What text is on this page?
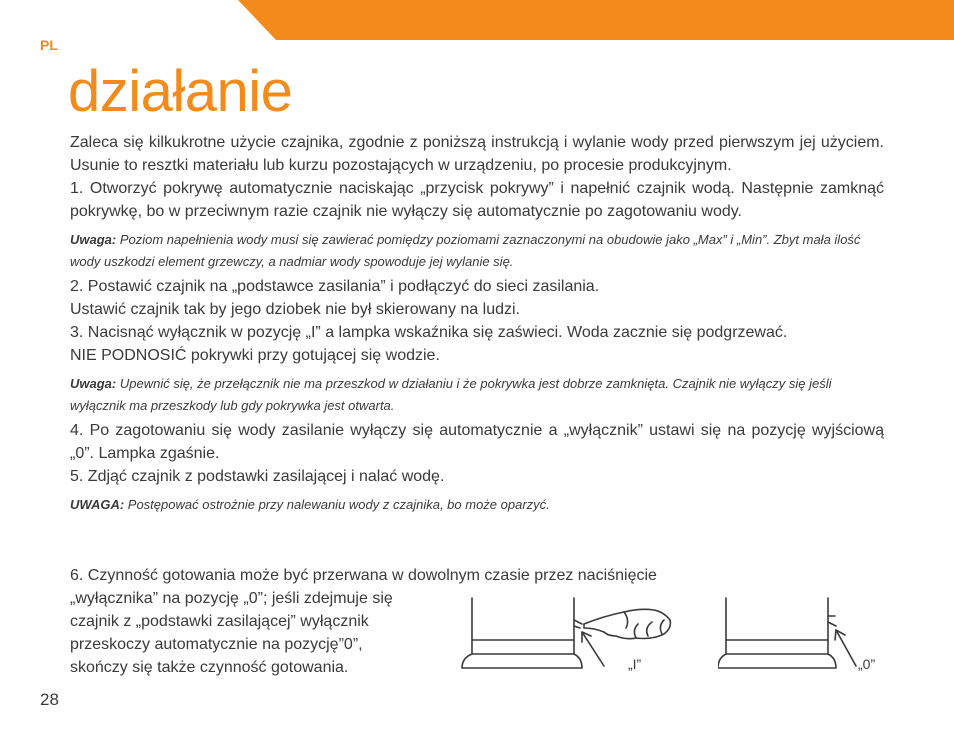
PL
działanie

Zaleca się kilkukrotne użycie czajnika, zgodnie z poniższą instrukcją i wylanie wody przed pierwszym jej użyciem. Usunie to resztki materiału lub kurzu pozostających w urządzeniu, po procesie produkcyjnym.

1. Otworzyć pokrywę automatycznie naciskając „przycisk pokrywy” i napełnić czajnik wodą. Następnie zamknąć pokrywkę, bo w przeciwnym razie czajnik nie wyłączy się automatycznie po zagotowaniu wody.

Uwaga: Poziom napełnienia wody musi się zawierać pomiędzy poziomami zaznaczonymi na obudowie jako „Max” i „Min”. Zbyt mała ilość wody uszkodzi element grzewczy, a nadmiar wody spowoduje jej wylanie się.

2. Postawić czajnik na „podstawce zasilania” i podłączyć do sieci zasilania.

Ustawić czajnik tak by jego dziobek nie był skierowany na ludzi.

3. Nacisnąć wyłącznik w pozycję „I” a lampka wskaźnika się zaświeci. Woda zacznie się podgrzewać.

NIE PODNOSIĆ pokrywki przy gotującej się wodzie.

Uwaga: Upewnić się, że przełącznik nie ma przeszkod w działaniu i że pokrywka jest dobrze zamknięta. Czajnik nie wyłączy się jeśli wyłącznik ma przeszkody lub gdy pokrywka jest otwarta.

4. Po zagotowaniu się wody zasilanie wyłączy się automatycznie a „wyłącznik” ustawi się na pozycję wyjściową „0”. Lampka zgaśnie.

5. Zdjąć czajnik z podstawki zasilającej i nalać wodę.

UWAGA: Postępować ostrożnie przy nalewaniu wody z czajnika, bo może oparzyć.

6. Czynność gotowania może być przerwana w dowolnym czasie przez naciśnięcie

„wyłącznika” na pozycję „0”; jeśli zdejmuje się

czajnik z „podstawki zasilającej” wyłącznik

przeskoczy automatycznie na pozycję”0”,

skończy się także czynność gotowania.	„I”	„0”
28
